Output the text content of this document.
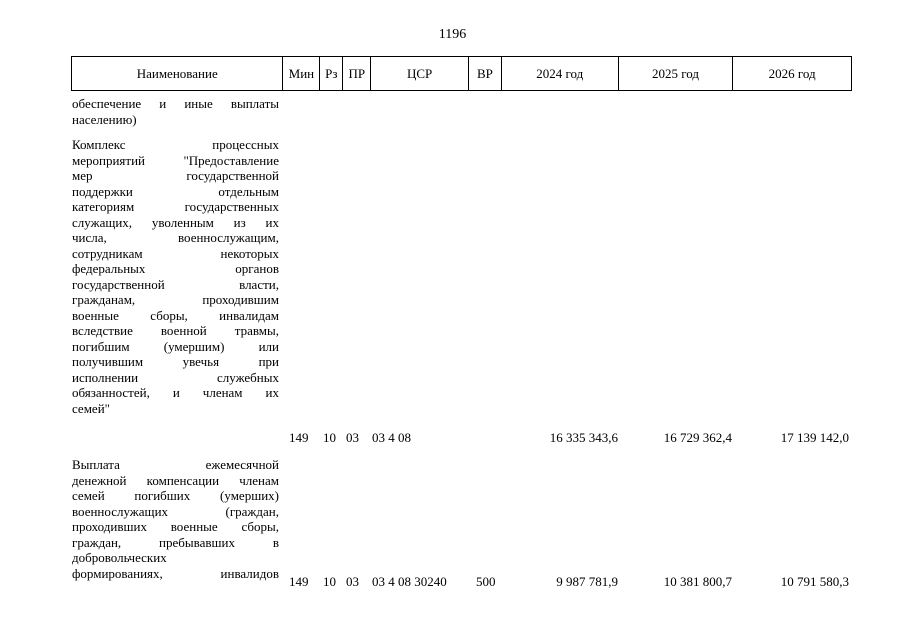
1196
Наименование	Мин Рз ПР	ЦСР	ВР	2024 год	2025 год	2026 год
обеспечение и иные выплаты
населению)
Комплекс процессных
мероприятий "Предоставление
мер государственной
поддержки отдельным
категориям государственных
служащих, уволенным из их
числа, военнослужащим,
сотрудникам некоторых
федеральных органов
государственной власти,
гражданам, проходившим
военные сборы, инвалидам
вследствие военной травмы,
погибшим (умершим) или
получившим увечья при
исполнении служебных
обязанностей, и членам их
семей"
149 10 03 03 4 08	16 335 343,6	16 729 362,4	17 139 142,0
Выплата ежемесячной
денежной компенсации членам
семей погибших (умерших)
военнослужащих (граждан,
проходивших военные сборы,
граждан, пребывавших в
добровольческих
формированиях, инвалидов
149 10 03 03 4 08 30240 500	9 987 781,9	10 381 800,7	10 791 580,3
